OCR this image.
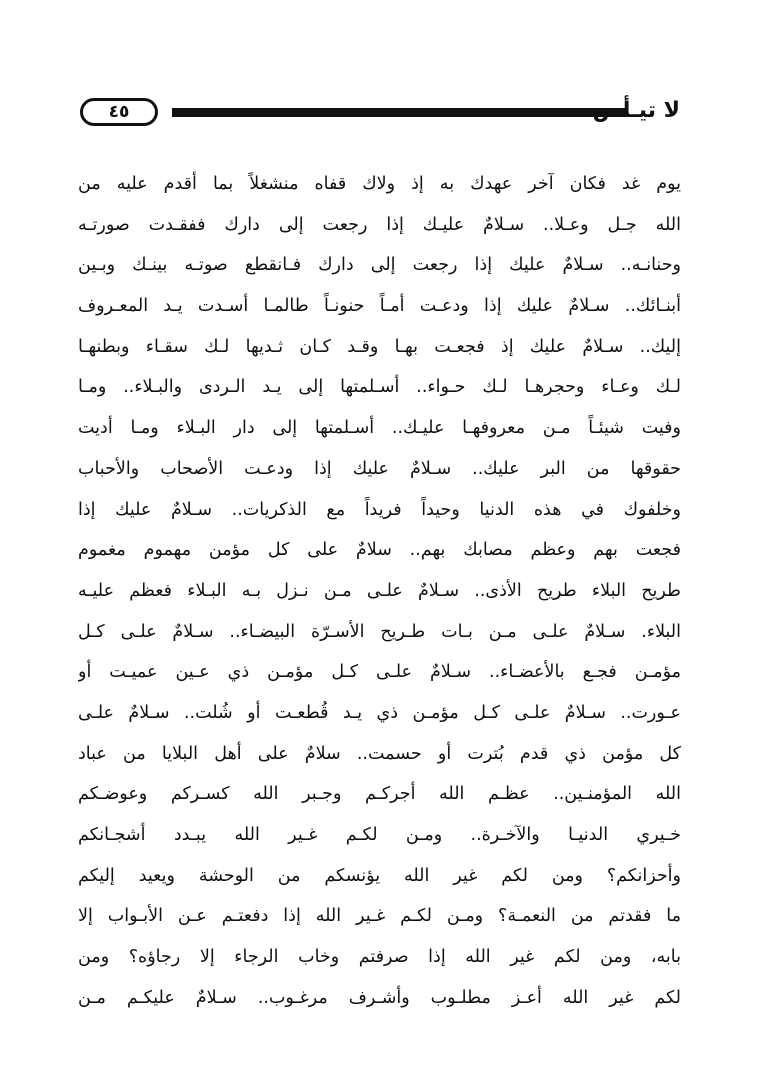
٤٥	لا تيـأس
يوم غد فكان آخر عهدك به إذ ولاك قفاه منشغلاً بما أقدم عليه من
الله جـل وعـلا.. سـلامٌ عليـك إذا رجعت إلى دارك ففقـدت صورتـه
وحنانـه.. سـلامٌ عليك إذا رجعت إلى دارك فـانقطع صوتـه بينـك وبـين
أبنـائك.. سـلامٌ عليك إذا ودعـت أمـاً حنونـاً طالمـا أسـدت يـد المعـروف
إليك.. سـلامٌ عليك إذ فجعـت بهـا وقـد كـان ثـديها لـك سقـاء وبطنهـا
لـك وعـاء وحجرهـا لـك حـواء.. أسـلمتها إلى يـد الـردى والبـلاء.. ومـا
وفيت شيئـاً مـن معروفهـا عليـك.. أسـلمتها إلى دار البـلاء ومـا أديت
حقوقها من البر عليك.. سـلامٌ عليك إذا ودعـت الأصحاب والأحباب
وخلفوك في هذه الدنيا وحيداً فريداً مع الذكريات.. سـلامٌ عليك إذا
فجعت بهم وعظم مصابك بهم.. سلامٌ على كل مؤمن مهموم مغموم
طريح البلاء طريح الأذى.. سـلامٌ علـى مـن نـزل بـه البـلاء فعظم عليـه
البلاء. سـلامٌ علـى مـن بـات طـريح الأسـرّة البيضـاء.. سـلامٌ علـى كـل
مؤمـن فجـع بالأعضـاء.. سـلامٌ علـى كـل مؤمـن ذي عـين عميـت أو
عـورت.. سـلامٌ علـى كـل مؤمـن ذي يـد قُطعـت أو شُلت.. سـلامٌ علـى
كل مؤمن ذي قدم بُترت أو حسمت.. سلامٌ على أهل البلايا من عباد
الله المؤمنـين.. عظـم الله أجركـم وجـبر الله كسـركم وعوضـكم
خـيري الدنيـا والآخـرة.. ومـن لكـم غـير الله يبـدد أشجـانكم
وأحزانكم؟ ومن لكم غير الله يؤنسكم من الوحشة ويعيد إليكم
ما فقدتم من النعمـة؟ ومـن لكـم غـير الله إذا دفعتـم عـن الأبـواب إلا
بابه، ومن لكم غير الله إذا صرفتم وخاب الرجاء إلا رجاؤه؟ ومن
لكم غير الله أعـز مطلـوب وأشـرف مرغـوب.. سـلامٌ عليكـم مـن
